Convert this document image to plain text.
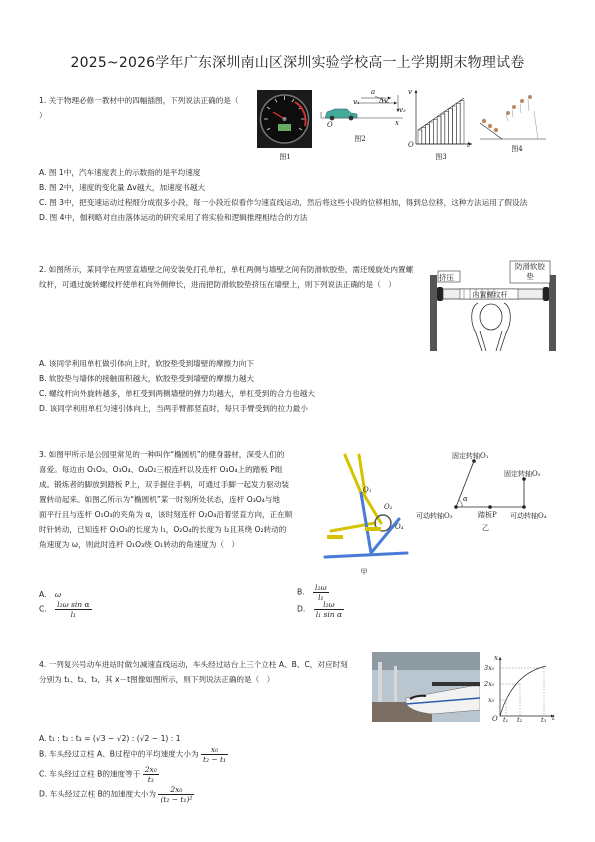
2025~2026学年广东深圳南山区深圳实验学校高一上学期期末物理试卷
1. 关于物理必修一教材中的四幅插图，下列说法正确的是（
）
图1
a
Δv
v₁
v₂
O	x
图2
v
O	t
图3
图4
A. 图 1中，汽车速度表上的示数指的是平均速度
B. 图 2中，速度的变化量 Δv越大，加速度书越大
C. 图 3中，把变速运动过程细分成很多小段，每一小段近似看作匀速直线运动，然后将这些小段的位移相加，得到总位移，这种方法运用了假设法
D. 图 4中，伽利略对自由落体运动的研究采用了将实验和逻辑推理相结合的方法
2. 如图所示，某同学在两竖直墙壁之间安装免打孔单杠，单杠两侧与墙壁之间有防滑软胶垫，需还缓旋处内置螺
纹杆，可通过旋转螺纹杆使单杠向外侧伸长，进而把防滑软胶垫挤压在墙壁上，则下列说法正确的是（　）
挤压
防滑软胶垫
内置螺纹杆
A. 该同学利用单杠做引体向上时，软胶垫受到墙壁的摩擦力向下
B. 软胶垫与墙体的接触面积越大，软胶垫受到墙壁的摩擦力越大
C. 螺纹杆向外旋转越多，单杠受到两侧墙壁的弹力均越大，单杠受到的合力也越大
D. 该同学利用单杠匀速引体向上，当两手臂都竖直时，每只手臂受到的拉力最小
3. 如图甲所示是公园里常见的一种叫作“椭圆机”的健身器材，深受人们的
喜爱。每边由 O₁O₃、O₃O₄、O₄O₂三根连杆以及连杆 O₃O₄上的踏板 P组
成。锻炼者的脚放到踏板 P上，双手握住手柄，可通过手脚一起发力驱动装
置转动起来。如图乙所示为“椭圆机”某一时刻所处状态，连杆 O₃O₄与地
面平行且与连杆 O₁O₃的夹角为 α，该时刻连杆 O₂O₄沿着竖直方向，正在顺
时针转动，已知连杆 O₁O₃的长度为 l₁，O₂O₄的长度为 l₂且其绕 O₂转动的
角速度为 ω，则此时连杆 O₁O₃绕 O₁转动的角速度为（　）
O₁
O₂
O₄
甲
固定转轴O₁
固定转轴O₂
α
踏板P
可动转轴O₃	可动转轴O₄
乙
A. ω	B. $\frac{\text{l₂ω}}{\text{l₁}}$
C. $\frac{\text{l₂ω sin α}}{\text{l₁}}$	D. $\frac{\text{l₂ω}}{\text{l₁ sin α}}$
4. 一列复兴号动车进站时做匀减速直线运动，车头经过站台上三个立柱 A、B、C，对应时刻
分别为 t₁、t₂、t₃，其 x－t图像如图所示，则下列说法正确的是（　）
x
3x₀
2x₀
x₀
O t₁ t₂	t₃ t
A. t₁ : t₂ : t₃ = (√3 − √2) : (√2 − 1) : 1
B. 车头经过立柱 A、B过程中的平均速度大小为 $\frac{\text{x₀}}{\text{t₂ − t₁}}$
C. 车头经过立柱 B的速度等于 $\frac{\text{2x₀}}{\text{t₃}}$
D. 车头经过立柱 B的加速度大小为 $\frac{\text{2x₀}}{\text{(t₂ − t₁)²}}$
